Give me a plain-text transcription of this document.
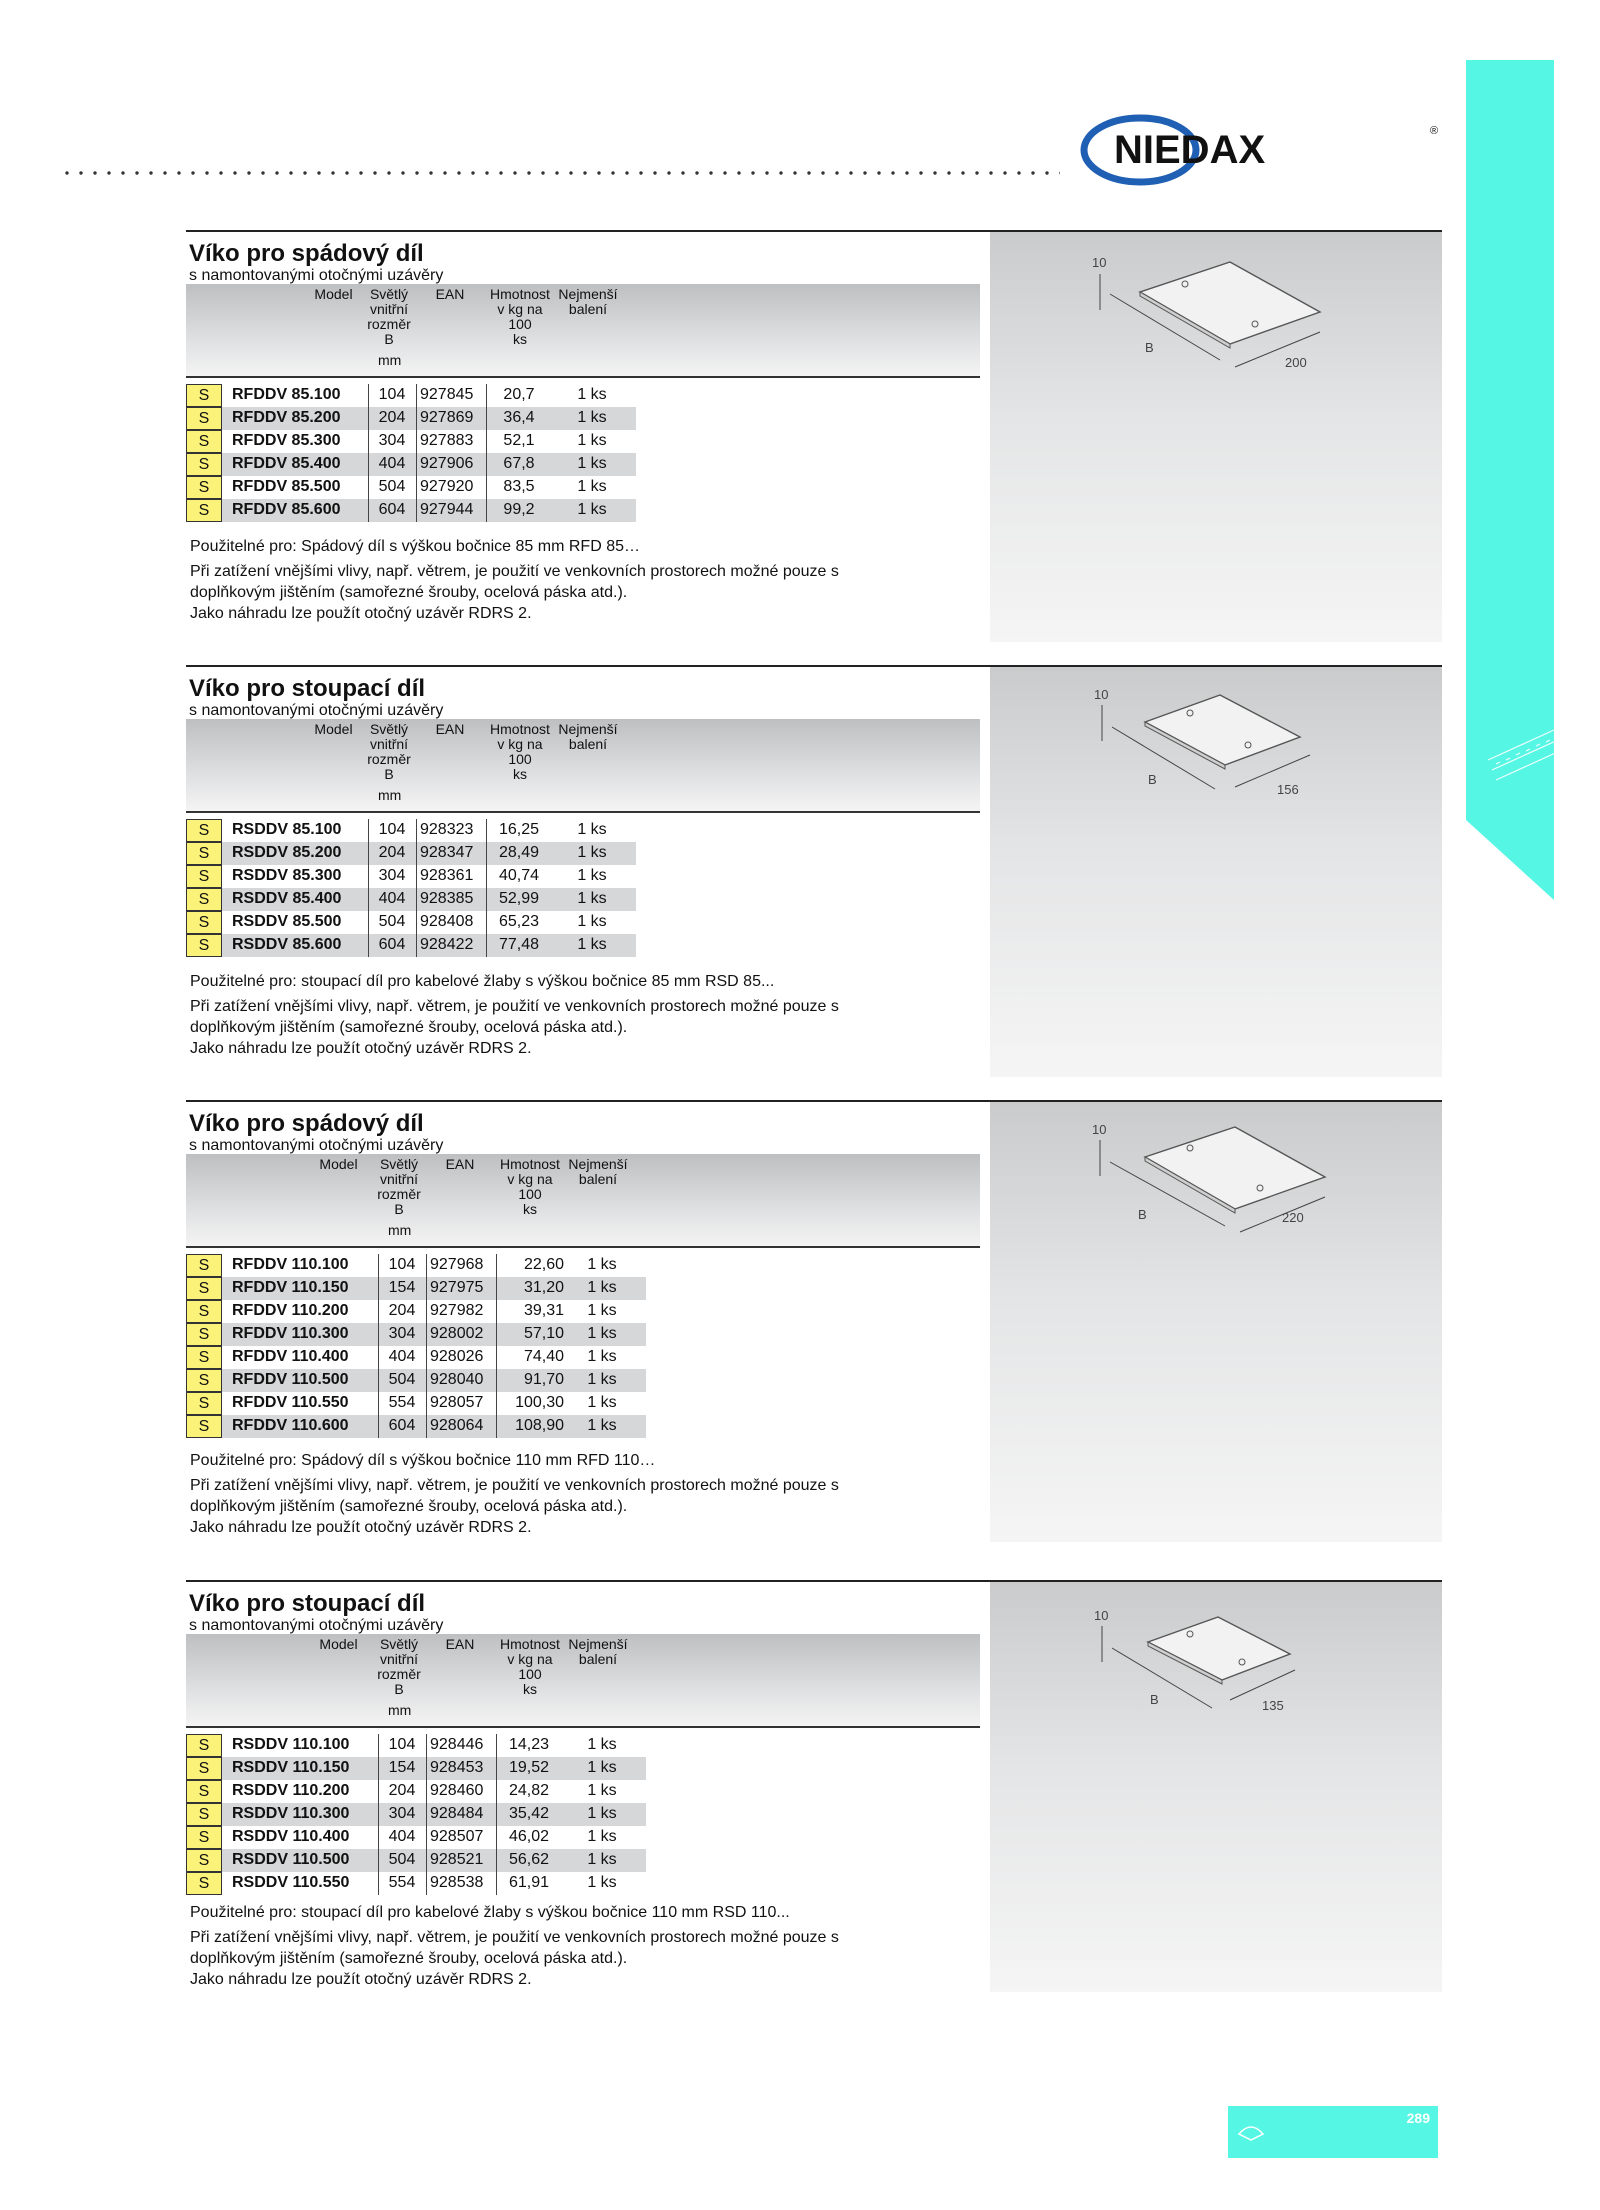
NIEDAX	®
10
B
200
Víko pro spádový díl
s namontovanými otočnými uzávěry
Model	Světlý
vnitřní
rozměr
B
mm
EAN	Hmotnost
v kg na
100
ks
Nejmenší
balení
S	RFDDV 85.100	104 927845	20,7	1 ks
S	RFDDV 85.200	204 927869	36,4	1 ks
S	RFDDV 85.300	304 927883	52,1	1 ks
S	RFDDV 85.400	404 927906	67,8	1 ks
S	RFDDV 85.500	504 927920	83,5	1 ks
S	RFDDV 85.600	604 927944	99,2	1 ks
Použitelné pro: Spádový díl s výškou bočnice 85 mm RFD 85…
Při zatížení vnějšími vlivy, např. větrem, je použití ve venkovních prostorech možné pouze s
doplňkovým jištěním (samořezné šrouby, ocelová páska atd.).
Jako náhradu lze použít otočný uzávěr RDRS 2.
10
B
156
Víko pro stoupací díl
s namontovanými otočnými uzávěry
Model	Světlý
vnitřní
rozměr
B
mm
EAN	Hmotnost
v kg na
100
ks
Nejmenší
balení
S	RSDDV 85.100	104 928323	16,25	1 ks
S	RSDDV 85.200	204 928347	28,49	1 ks
S	RSDDV 85.300	304 928361	40,74	1 ks
S	RSDDV 85.400	404 928385	52,99	1 ks
S	RSDDV 85.500	504 928408	65,23	1 ks
S	RSDDV 85.600	604 928422	77,48	1 ks
Použitelné pro: stoupací díl pro kabelové žlaby s výškou bočnice 85 mm RSD 85...
Při zatížení vnějšími vlivy, např. větrem, je použití ve venkovních prostorech možné pouze s
doplňkovým jištěním (samořezné šrouby, ocelová páska atd.).
Jako náhradu lze použít otočný uzávěr RDRS 2.
10
B	220
Víko pro spádový díl
s namontovanými otočnými uzávěry
Model	Světlý
vnitřní
rozměr
B
mm
EAN	Hmotnost
v kg na
100
ks
Nejmenší
balení
S	RFDDV 110.100	104 927968	22,60	1 ks
S	RFDDV 110.150	154 927975	31,20	1 ks
S	RFDDV 110.200	204 927982	39,31	1 ks
S	RFDDV 110.300	304 928002	57,10	1 ks
S	RFDDV 110.400	404 928026	74,40	1 ks
S	RFDDV 110.500	504 928040	91,70	1 ks
S	RFDDV 110.550	554 928057	100,30	1 ks
S	RFDDV 110.600	604 928064	108,90	1 ks
Použitelné pro: Spádový díl s výškou bočnice 110 mm RFD 110…
Při zatížení vnějšími vlivy, např. větrem, je použití ve venkovních prostorech možné pouze s
doplňkovým jištěním (samořezné šrouby, ocelová páska atd.).
Jako náhradu lze použít otočný uzávěr RDRS 2.
10
B	135
Víko pro stoupací díl
s namontovanými otočnými uzávěry
Model	Světlý
vnitřní
rozměr
B
mm
EAN	Hmotnost
v kg na
100
ks
Nejmenší
balení
S	RSDDV 110.100	104 928446	14,23	1 ks
S	RSDDV 110.150	154 928453	19,52	1 ks
S	RSDDV 110.200	204 928460	24,82	1 ks
S	RSDDV 110.300	304 928484	35,42	1 ks
S	RSDDV 110.400	404 928507	46,02	1 ks
S	RSDDV 110.500	504 928521	56,62	1 ks
S	RSDDV 110.550	554 928538	61,91	1 ks
Použitelné pro: stoupací díl pro kabelové žlaby s výškou bočnice 110 mm RSD 110...
Při zatížení vnějšími vlivy, např. větrem, je použití ve venkovních prostorech možné pouze s
doplňkovým jištěním (samořezné šrouby, ocelová páska atd.).
Jako náhradu lze použít otočný uzávěr RDRS 2.
289
